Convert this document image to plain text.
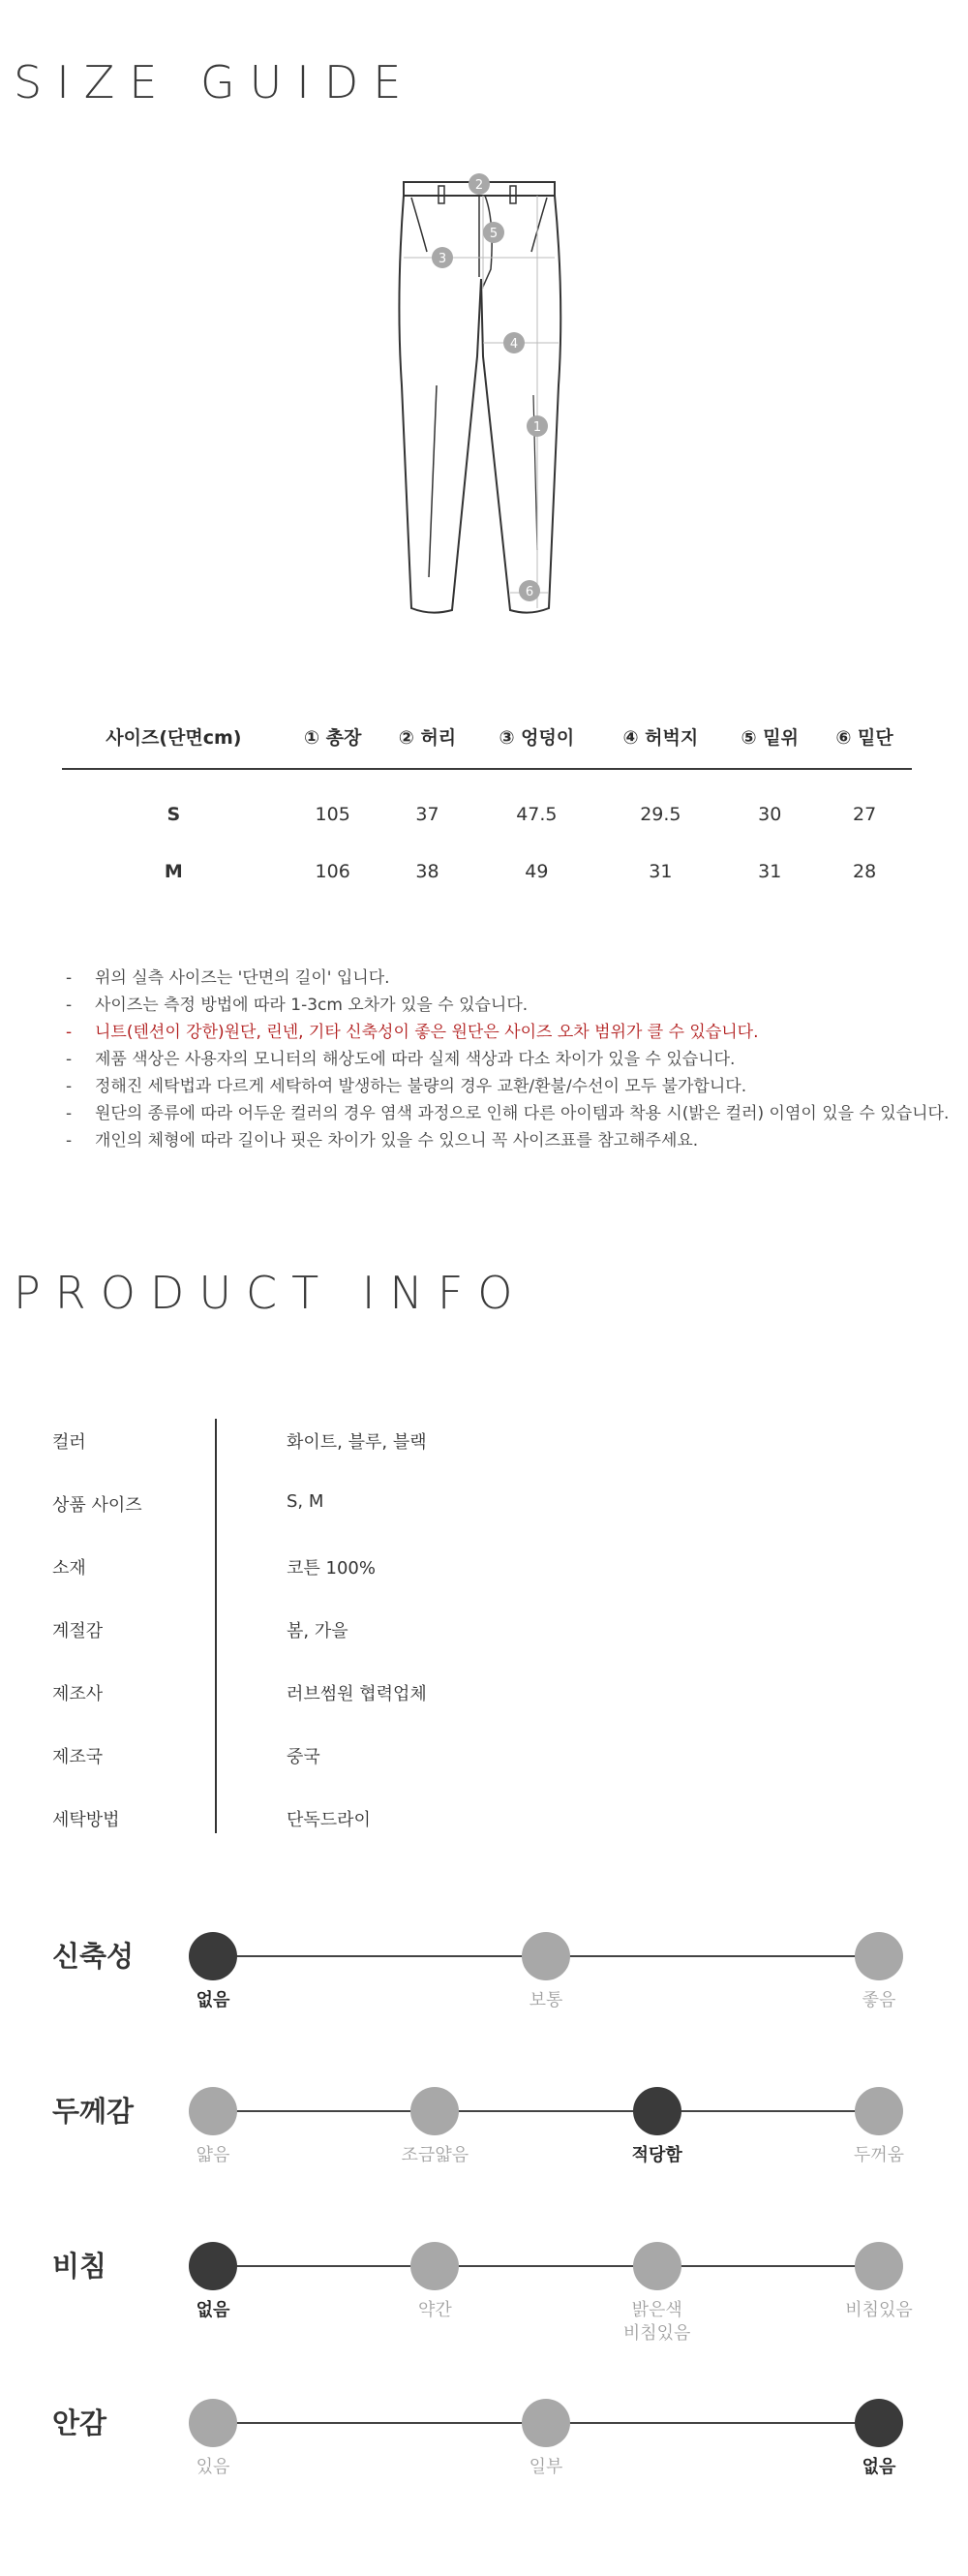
SIZE GUIDE
2
5
3
4
1
6
사이즈(단면cm)	① 총장	② 허리	③ 엉덩이	④ 허벅지	⑤ 밑위	⑥ 밑단
S	105	37	47.5	29.5	30	27
M	106	38	49	31	31	28
- 위의 실측 사이즈는 '단면의 길이' 입니다.
- 사이즈는 측정 방법에 따라 1-3cm 오차가 있을 수 있습니다.
- 니트(텐션이 강한)원단, 린넨, 기타 신축성이 좋은 원단은 사이즈 오차 범위가 클 수 있습니다.
- 제품 색상은 사용자의 모니터의 해상도에 따라 실제 색상과 다소 차이가 있을 수 있습니다.
- 정해진 세탁법과 다르게 세탁하여 발생하는 불량의 경우 교환/환불/수선이 모두 불가합니다.
- 원단의 종류에 따라 어두운 컬러의 경우 염색 과정으로 인해 다른 아이템과 착용 시(밝은 컬러) 이염이 있을 수 있습니다.
- 개인의 체형에 따라 길이나 핏은 차이가 있을 수 있으니 꼭 사이즈표를 참고해주세요.
PRODUCT INFO
컬러	화이트, 블루, 블랙
상품 사이즈	S, M
소재	코튼 100%
계절감	봄, 가을
제조사	러브썸원 협력업체
제조국	중국
세탁방법	단독드라이
신축성
없음	보통	좋음
두께감
얇음	조금얇음	적당함	두꺼움
비침
없음	약간	밝은색
비침있음
비침있음
안감
있음	일부	없음
